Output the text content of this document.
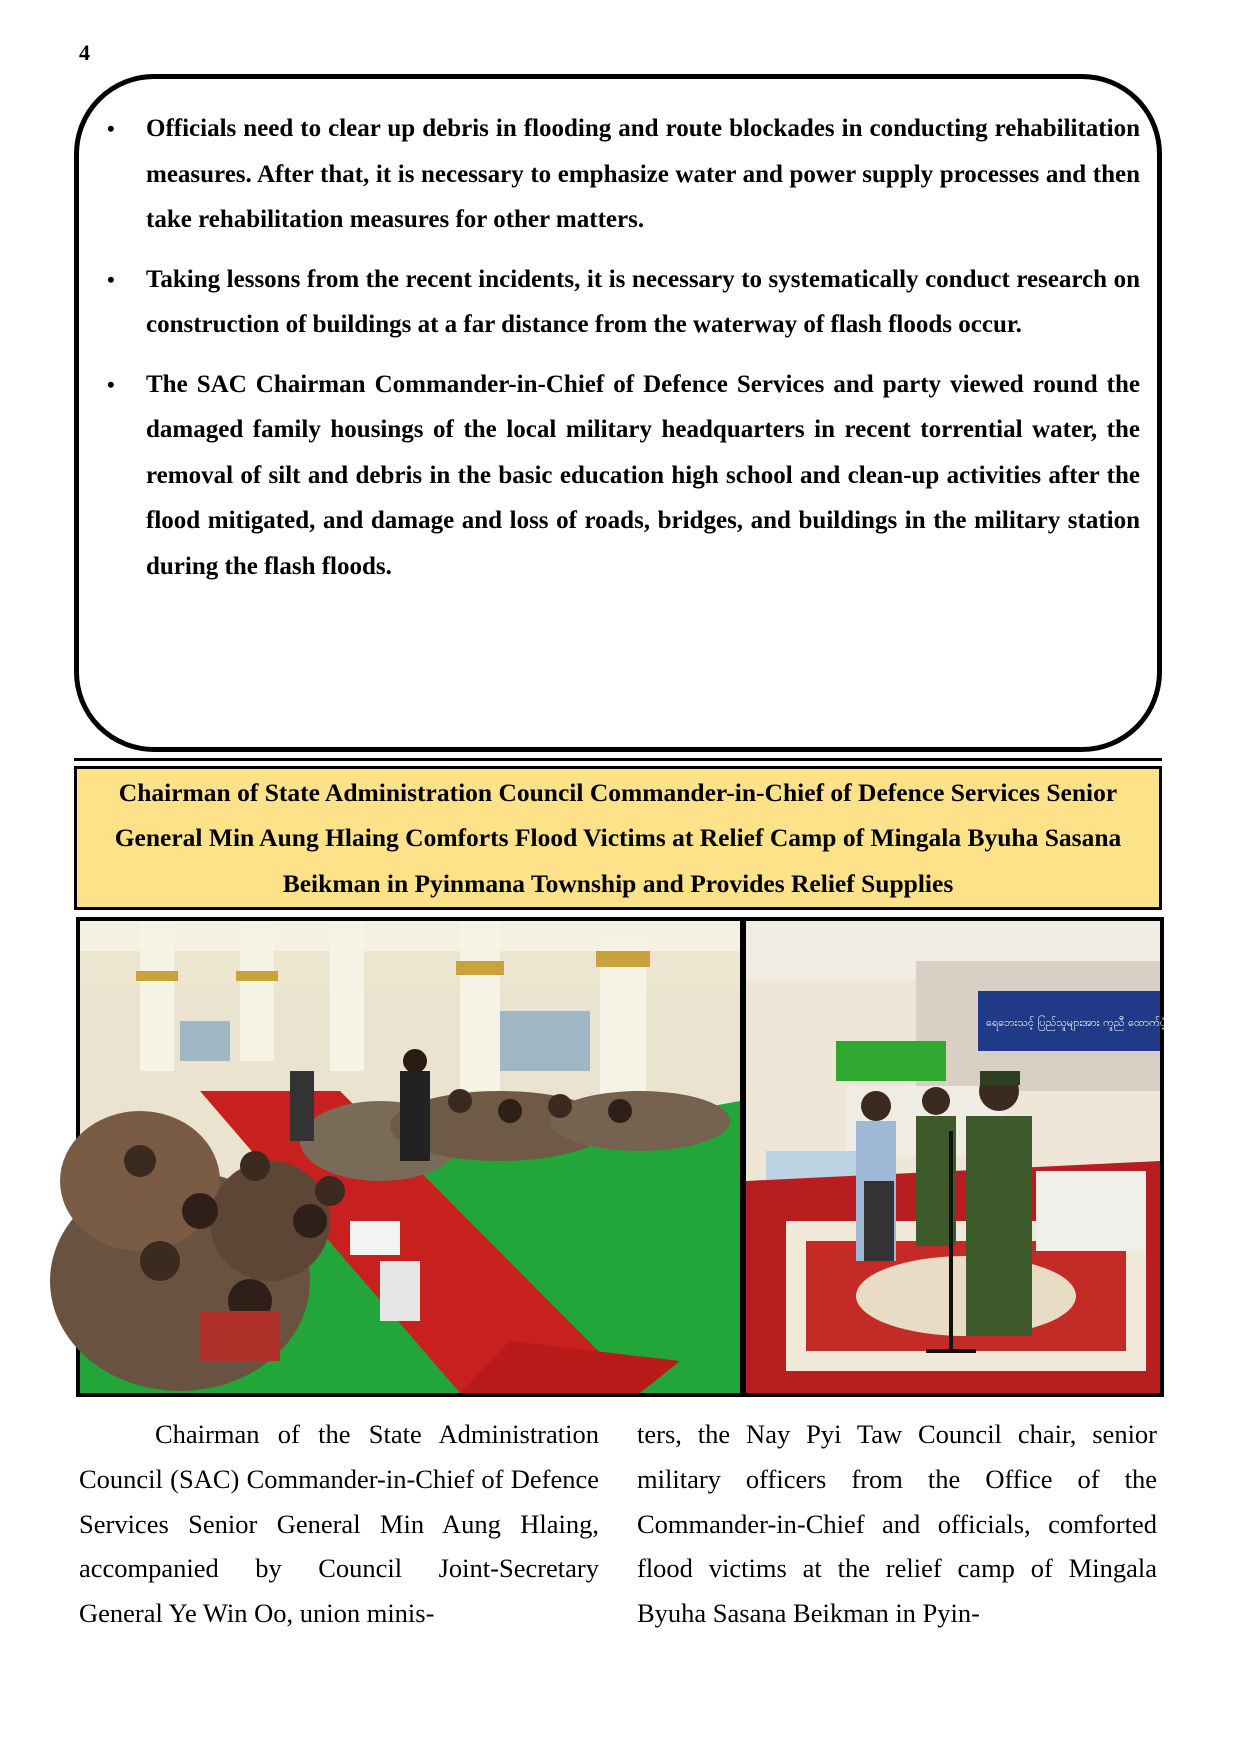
4
• Officials need to clear up debris in flooding and route blockades in conducting rehabilitation measures. After that, it is necessary to emphasize water and power supply processes and then take rehabilitation measures for other matters.
• Taking lessons from the recent incidents, it is necessary to systematically conduct research on construction of buildings at a far distance from the waterway of flash floods occur.
• The SAC Chairman Commander-in-Chief of Defence Services and party viewed round the damaged family housings of the local military headquarters in recent torrential water, the removal of silt and debris in the basic education high school and clean-up activities after the flood mitigated, and damage and loss of roads, bridges, and buildings in the military station during the flash floods.

Chairman of State Administration Council Commander-in-Chief of Defence Services Senior General Min Aung Hlaing Comforts Flood Victims at Relief Camp of Mingala Byuha Sasana Beikman in Pyinmana Township and Provides Relief Supplies

ရေဘေးသင့် ပြည်သူများအား ကူညီ ထောက်ပံ့ခြင်း

Chairman of the State Administration Council (SAC) Commander-in-Chief of Defence Services Senior General Min Aung Hlaing, accompanied by Council Joint-Secretary General Ye Win Oo, union minis-

ters, the Nay Pyi Taw Council chair, senior military officers from the Office of the Commander-in-Chief and officials, comforted flood victims at the relief camp of Mingala Byuha Sasana Beikman in Pyin-
